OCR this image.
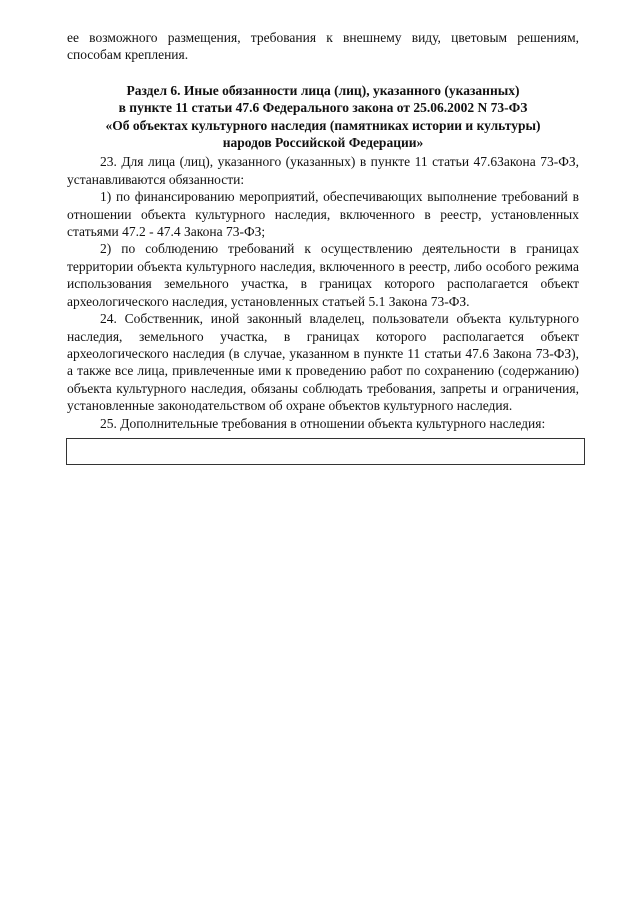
ее возможного размещения, требования к внешнему виду, цветовым решениям, способам крепления.

Раздел 6. Иные обязанности лица (лиц), указанного (указанных)
в пункте 11 статьи 47.6 Федерального закона от 25.06.2002 N 73-ФЗ
«Об объектах культурного наследия (памятниках истории и культуры)
народов Российской Федерации»

23. Для лица (лиц), указанного (указанных) в пункте 11 статьи 47.6Закона 73-ФЗ, устанавливаются обязанности:

1) по финансированию мероприятий, обеспечивающих выполнение требований в отношении объекта культурного наследия, включенного в реестр, установленных статьями 47.2 - 47.4 Закона 73-ФЗ;

2) по соблюдению требований к осуществлению деятельности в границах территории объекта культурного наследия, включенного в реестр, либо особого режима использования земельного участка, в границах которого располагается объект археологического наследия, установленных статьей 5.1 Закона 73-ФЗ.

24. Собственник, иной законный владелец, пользователи объекта культурного наследия, земельного участка, в границах которого располагается объект археологического наследия (в случае, указанном в пункте 11 статьи 47.6 Закона 73-ФЗ), а также все лица, привлеченные ими к проведению работ по сохранению (содержанию) объекта культурного наследия, обязаны соблюдать требования, запреты и ограничения, установленные законодательством об охране объектов культурного наследия.

25. Дополнительные требования в отношении объекта культурного наследия:
